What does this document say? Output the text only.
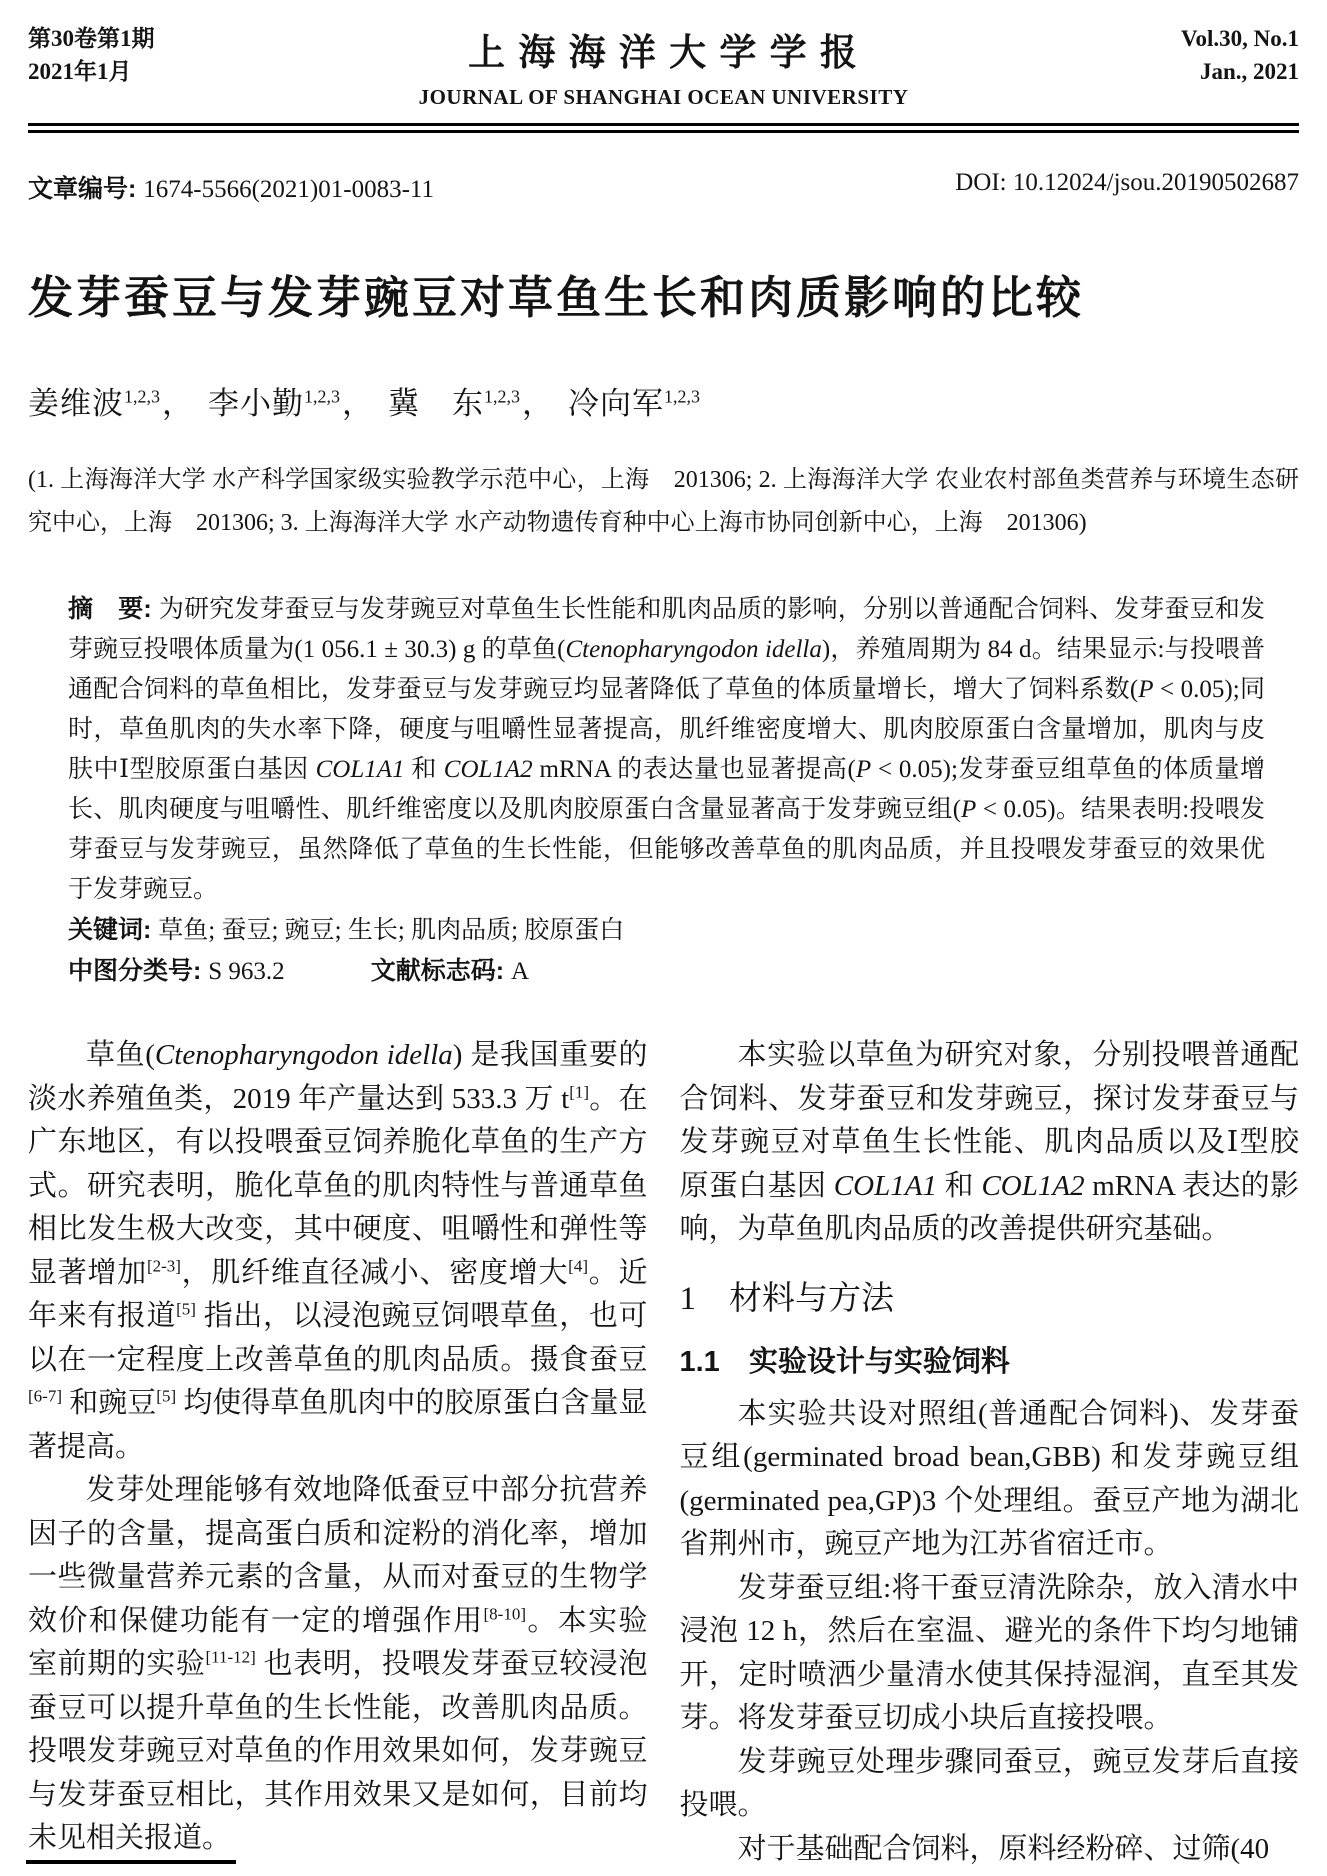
第30卷第1期
2021年1月	上 海 海 洋 大 学 学 报
JOURNAL OF SHANGHAI OCEAN UNIVERSITY
Vol.30, No.1
Jan., 2021
文章编号: 1674-5566(2021)01-0083-11	DOI: 10.12024/jsou.20190502687
发芽蚕豆与发芽豌豆对草鱼生长和肉质影响的比较
姜维波$^{1,2,3}$， 李小勤$^{1,2,3}$， 冀　东$^{1,2,3}$， 冷向军$^{1,2,3}$
(1. 上海海洋大学 水产科学国家级实验教学示范中心，上海　201306; 2. 上海海洋大学 农业农村部鱼类营养与环境生态研究中心，上海　201306; 3. 上海海洋大学 水产动物遗传育种中心上海市协同创新中心，上海　201306)

摘　要: 为研究发芽蚕豆与发芽豌豆对草鱼生长性能和肌肉品质的影响，分别以普通配合饲料、发芽蚕豆和发芽豌豆投喂体质量为(1 056.1 ± 30.3) g 的草鱼(Ctenopharyngodon idella)，养殖周期为 84 d。结果显示:与投喂普通配合饲料的草鱼相比，发芽蚕豆与发芽豌豆均显著降低了草鱼的体质量增长，增大了饲料系数(P < 0.05);同时，草鱼肌肉的失水率下降，硬度与咀嚼性显著提高，肌纤维密度增大、肌肉胶原蛋白含量增加，肌肉与皮肤中Ⅰ型胶原蛋白基因 COL1A1 和 COL1A2 mRNA 的表达量也显著提高(P < 0.05);发芽蚕豆组草鱼的体质量增长、肌肉硬度与咀嚼性、肌纤维密度以及肌肉胶原蛋白含量显著高于发芽豌豆组(P < 0.05)。结果表明:投喂发芽蚕豆与发芽豌豆，虽然降低了草鱼的生长性能，但能够改善草鱼的肌肉品质，并且投喂发芽蚕豆的效果优于发芽豌豆。

关键词: 草鱼; 蚕豆; 豌豆; 生长; 肌肉品质; 胶原蛋白

中图分类号: S 963.2	文献标志码: A

草鱼(Ctenopharyngodon idella) 是我国重要的淡水养殖鱼类，2019 年产量达到 533.3 万 t[1]。在广东地区，有以投喂蚕豆饲养脆化草鱼的生产方式。研究表明，脆化草鱼的肌肉特性与普通草鱼相比发生极大改变，其中硬度、咀嚼性和弹性等显著增加[2-3]，肌纤维直径减小、密度增大[4]。近年来有报道[5] 指出，以浸泡豌豆饲喂草鱼，也可以在一定程度上改善草鱼的肌肉品质。摄食蚕豆[6-7] 和豌豆[5] 均使得草鱼肌肉中的胶原蛋白含量显著提高。

发芽处理能够有效地降低蚕豆中部分抗营养因子的含量，提高蛋白质和淀粉的消化率，增加一些微量营养元素的含量，从而对蚕豆的生物学效价和保健功能有一定的增强作用[8-10]。本实验室前期的实验[11-12] 也表明，投喂发芽蚕豆较浸泡蚕豆可以提升草鱼的生长性能，改善肌肉品质。投喂发芽豌豆对草鱼的作用效果如何，发芽豌豆与发芽蚕豆相比，其作用效果又是如何，目前均未见相关报道。

本实验以草鱼为研究对象，分别投喂普通配合饲料、发芽蚕豆和发芽豌豆，探讨发芽蚕豆与发芽豌豆对草鱼生长性能、肌肉品质以及Ⅰ型胶原蛋白基因 COL1A1 和 COL1A2 mRNA 表达的影响，为草鱼肌肉品质的改善提供研究基础。

1　材料与方法
1.1　实验设计与实验饲料

本实验共设对照组(普通配合饲料)、发芽蚕豆组(germinated broad bean,GBB) 和发芽豌豆组(germinated pea,GP)3 个处理组。蚕豆产地为湖北省荆州市，豌豆产地为江苏省宿迁市。

发芽蚕豆组:将干蚕豆清洗除杂，放入清水中浸泡 12 h，然后在室温、避光的条件下均匀地铺开，定时喷洒少量清水使其保持湿润，直至其发芽。将发芽蚕豆切成小块后直接投喂。

发芽豌豆处理步骤同蚕豆，豌豆发芽后直接投喂。

对于基础配合饲料，原料经粉碎、过筛(40
